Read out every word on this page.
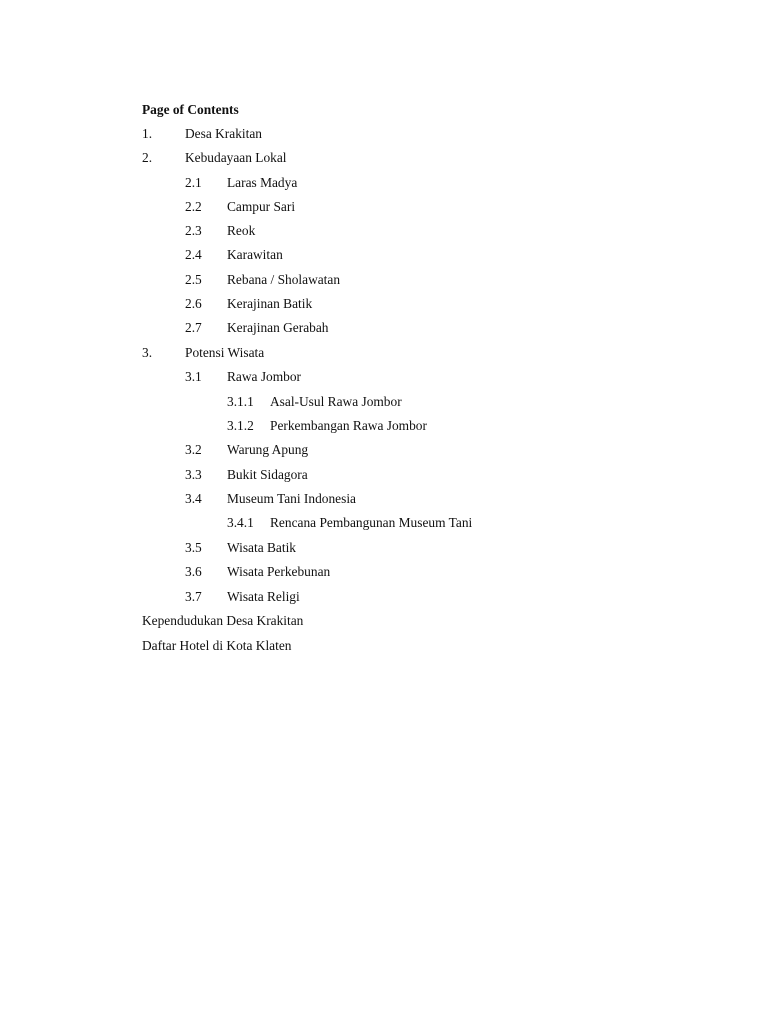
Page of Contents
1. Desa Krakitan
2. Kebudayaan Lokal
2.1 Laras Madya
2.2 Campur Sari
2.3 Reok
2.4 Karawitan
2.5 Rebana / Sholawatan
2.6 Kerajinan Batik
2.7 Kerajinan Gerabah
3. Potensi Wisata
3.1 Rawa Jombor
3.1.1 Asal-Usul Rawa Jombor
3.1.2 Perkembangan Rawa Jombor
3.2 Warung Apung
3.3 Bukit Sidagora
3.4 Museum Tani Indonesia
3.4.1 Rencana Pembangunan Museum Tani
3.5 Wisata Batik
3.6 Wisata Perkebunan
3.7 Wisata Religi
Kependudukan Desa Krakitan
Daftar Hotel di Kota Klaten
